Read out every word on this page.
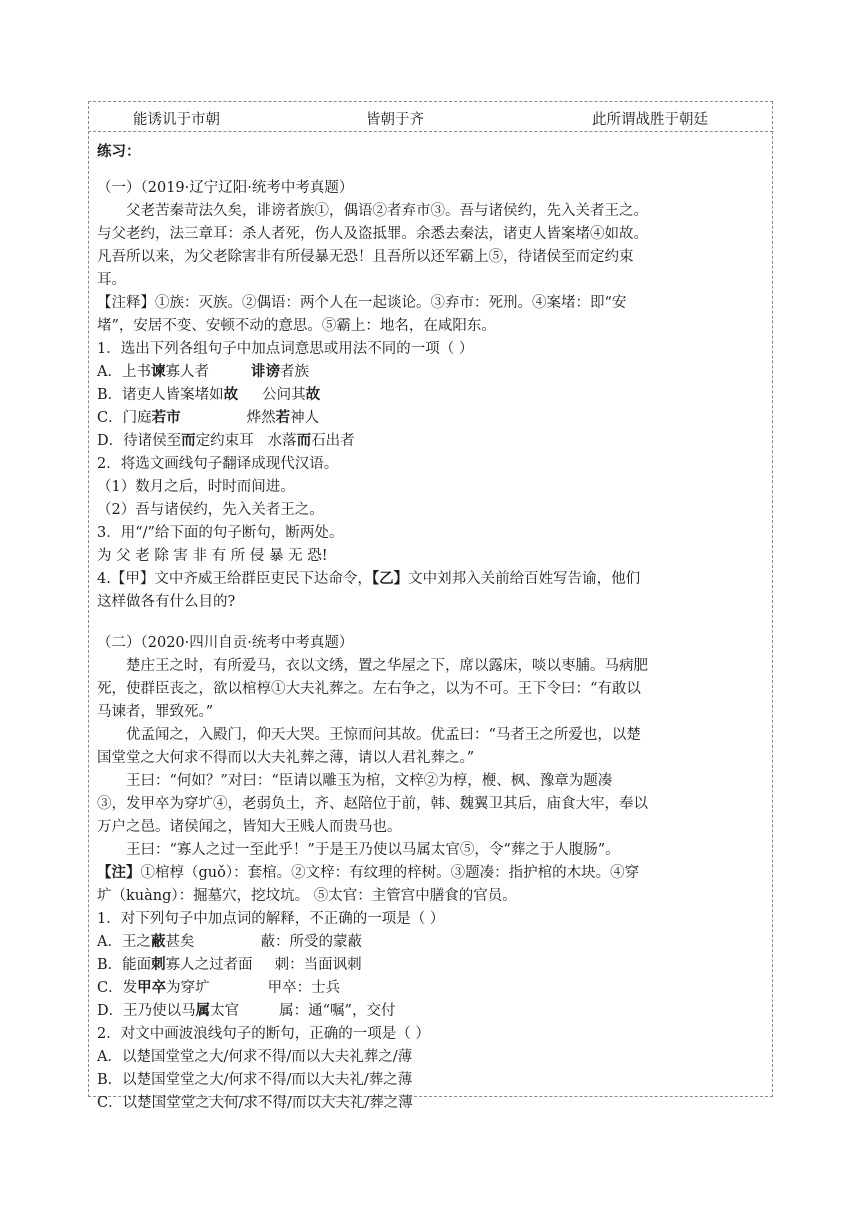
能诱讥于市朝	皆朝于齐	此所谓战胜于朝廷
练习：
（一）（2019·辽宁辽阳·统考中考真题）
父老苦秦苛法久矣，诽谤者族①，偶语②者弃市③。吾与诸侯约，先入关者王之。
与父老约，法三章耳：杀人者死，伤人及盗抵罪。余悉去秦法，诸吏人皆案堵④如故。
凡吾所以来，为父老除害非有所侵暴无恐！且吾所以还军霸上⑤，待诸侯至而定约束
耳。
【注释】①族：灭族。②偶语：两个人在一起谈论。③弃市：死刑。④案堵：即“安
堵”，安居不变、安顿不动的意思。⑤霸上：地名，在咸阳东。
1．选出下列各组句子中加点词意思或用法不同的一项（ ）
A．上书谏寡人者	诽谤者族
B．诸吏人皆案堵如故 公问其故
C．门庭若市	烨然若神人
D．待诸侯至而定约束耳 水落而石出者
2．将选文画线句子翻译成现代汉语。
（1）数月之后，时时而间进。
（2）吾与诸侯约，先入关者王之。
3．用“/”给下面的句子断句，断两处。
为 父 老 除 害 非 有 所 侵 暴 无 恐!
4.【甲】文中齐威王给群臣吏民下达命令，【乙】文中刘邦入关前给百姓写告谕，他们
这样做各有什么目的?
（二）（2020·四川自贡·统考中考真题）
楚庄王之时，有所爱马，衣以文绣，置之华屋之下，席以露床，啖以枣脯。马病肥
死，使群臣丧之，欲以棺椁①大夫礼葬之。左右争之，以为不可。王下令曰：“有敢以
马谏者，罪致死。”
优孟闻之，入殿门，仰天大哭。王惊而问其故。优孟曰：“马者王之所爱也，以楚
国堂堂之大何求不得而以大夫礼葬之薄，请以人君礼葬之。”
王曰：“何如？”对曰：“臣请以雕玉为棺，文梓②为椁，楩、枫、豫章为题凑
③，发甲卒为穿圹④，老弱负土，齐、赵陪位于前，韩、魏翼卫其后，庙食大牢，奉以
万户之邑。诸侯闻之，皆知大王贱人而贵马也。
王曰：“寡人之过一至此乎！”于是王乃使以马属太官⑤，令“葬之于人腹肠”。
【注】①棺椁（guǒ）：套棺。②文梓：有纹理的梓树。③题凑：指护棺的木块。④穿
圹（kuàng）：掘墓穴，挖坟坑。 ⑤太官：主管宫中膳食的官员。
1．对下列句子中加点词的解释，不正确的一项是（ ）
A．王之蔽甚矣	蔽：所受的蒙蔽
B．能面刺寡人之过者面 刺：当面讽刺
C．发甲卒为穿圹	甲卒：士兵
D．王乃使以马属太官	属：通“嘱”，交付
2．对文中画波浪线句子的断句，正确的一项是（ ）
A．以楚国堂堂之大/何求不得/而以大夫礼葬之/薄
B．以楚国堂堂之大/何求不得/而以大夫礼/葬之薄
C．以楚国堂堂之大何/求不得/而以大夫礼/葬之薄
